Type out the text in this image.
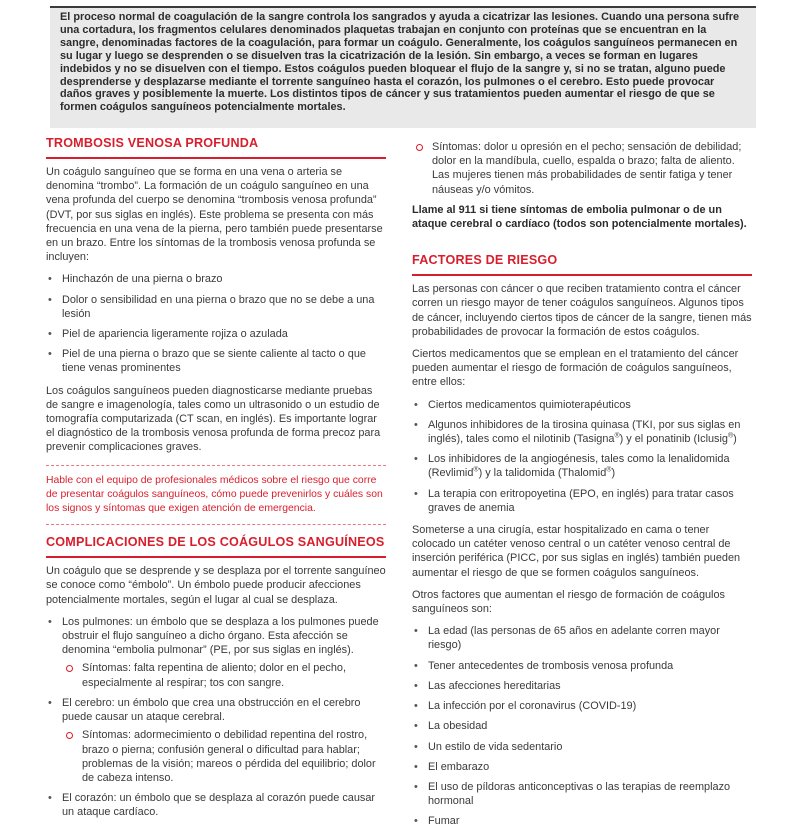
El proceso normal de coagulación de la sangre controla los sangrados y ayuda a cicatrizar las lesiones. Cuando una persona sufre una cortadura, los fragmentos celulares denominados plaquetas trabajan en conjunto con proteínas que se encuentran en la sangre, denominadas factores de la coagulación, para formar un coágulo. Generalmente, los coágulos sanguíneos permanecen en su lugar y luego se desprenden o se disuelven tras la cicatrización de la lesión. Sin embargo, a veces se forman en lugares indebidos y no se disuelven con el tiempo. Estos coágulos pueden bloquear el flujo de la sangre y, si no se tratan, alguno puede desprenderse y desplazarse mediante el torrente sanguíneo hasta el corazón, los pulmones o el cerebro. Esto puede provocar daños graves y posiblemente la muerte. Los distintos tipos de cáncer y sus tratamientos pueden aumentar el riesgo de que se formen coágulos sanguíneos potencialmente mortales.
TROMBOSIS VENOSA PROFUNDA

Un coágulo sanguíneo que se forma en una vena o arteria se denomina “trombo”. La formación de un coágulo sanguíneo en una vena profunda del cuerpo se denomina “trombosis venosa profunda” (DVT, por sus siglas en inglés). Este problema se presenta con más frecuencia en una vena de la pierna, pero también puede presentarse en un brazo. Entre los síntomas de la trombosis venosa profunda se incluyen:

• Hinchazón de una pierna o brazo
• Dolor o sensibilidad en una pierna o brazo que no se debe a una lesión
• Piel de apariencia ligeramente rojiza o azulada
• Piel de una pierna o brazo que se siente caliente al tacto o que tiene venas prominentes

Los coágulos sanguíneos pueden diagnosticarse mediante pruebas de sangre e imagenología, tales como un ultrasonido o un estudio de tomografía computarizada (CT scan, en inglés). Es importante lograr el diagnóstico de la trombosis venosa profunda de forma precoz para prevenir complicaciones graves.

Hable con el equipo de profesionales médicos sobre el riesgo que corre de presentar coágulos sanguíneos, cómo puede prevenirlos y cuáles son los signos y síntomas que exigen atención de emergencia.
COMPLICACIONES DE LOS COÁGULOS SANGUÍNEOS

Un coágulo que se desprende y se desplaza por el torrente sanguíneo se conoce como “émbolo”. Un émbolo puede producir afecciones potencialmente mortales, según el lugar al cual se desplaza.

• Los pulmones: un émbolo que se desplaza a los pulmones puede obstruir el flujo sanguíneo a dicho órgano. Esta afección se denomina “embolia pulmonar” (PE, por sus siglas en inglés).
Síntomas: falta repentina de aliento; dolor en el pecho, especialmente al respirar; tos con sangre.
• El cerebro: un émbolo que crea una obstrucción en el cerebro puede causar un ataque cerebral.
Síntomas: adormecimiento o debilidad repentina del rostro, brazo o pierna; confusión general o dificultad para hablar; problemas de la visión; mareos o pérdida del equilibrio; dolor de cabeza intenso.
• El corazón: un émbolo que se desplaza al corazón puede causar un ataque cardíaco.
Síntomas: dolor u opresión en el pecho; sensación de debilidad; dolor en la mandíbula, cuello, espalda o brazo; falta de aliento. Las mujeres tienen más probabilidades de sentir fatiga y tener náuseas y/o vómitos.

Llame al 911 si tiene síntomas de embolia pulmonar o de un ataque cerebral o cardíaco (todos son potencialmente mortales).

FACTORES DE RIESGO

Las personas con cáncer o que reciben tratamiento contra el cáncer corren un riesgo mayor de tener coágulos sanguíneos. Algunos tipos de cáncer, incluyendo ciertos tipos de cáncer de la sangre, tienen más probabilidades de provocar la formación de estos coágulos.

Ciertos medicamentos que se emplean en el tratamiento del cáncer pueden aumentar el riesgo de formación de coágulos sanguíneos, entre ellos:

• Ciertos medicamentos quimioterapéuticos
• Algunos inhibidores de la tirosina quinasa (TKI, por sus siglas en inglés), tales como el nilotinib (Tasigna®) y el ponatinib (Iclusig®)
• Los inhibidores de la angiogénesis, tales como la lenalidomida (Revlimid®) y la talidomida (Thalomid®)
• La terapia con eritropoyetina (EPO, en inglés) para tratar casos graves de anemia

Someterse a una cirugía, estar hospitalizado en cama o tener colocado un catéter venoso central o un catéter venoso central de inserción periférica (PICC, por sus siglas en inglés) también pueden aumentar el riesgo de que se formen coágulos sanguíneos.

Otros factores que aumentan el riesgo de formación de coágulos sanguíneos son:

• La edad (las personas de 65 años en adelante corren mayor riesgo)
• Tener antecedentes de trombosis venosa profunda
• Las afecciones hereditarias
• La infección por el coronavirus (COVID-19)
• La obesidad
• Un estilo de vida sedentario
• El embarazo
• El uso de píldoras anticonceptivas o las terapias de reemplazo hormonal
• Fumar
